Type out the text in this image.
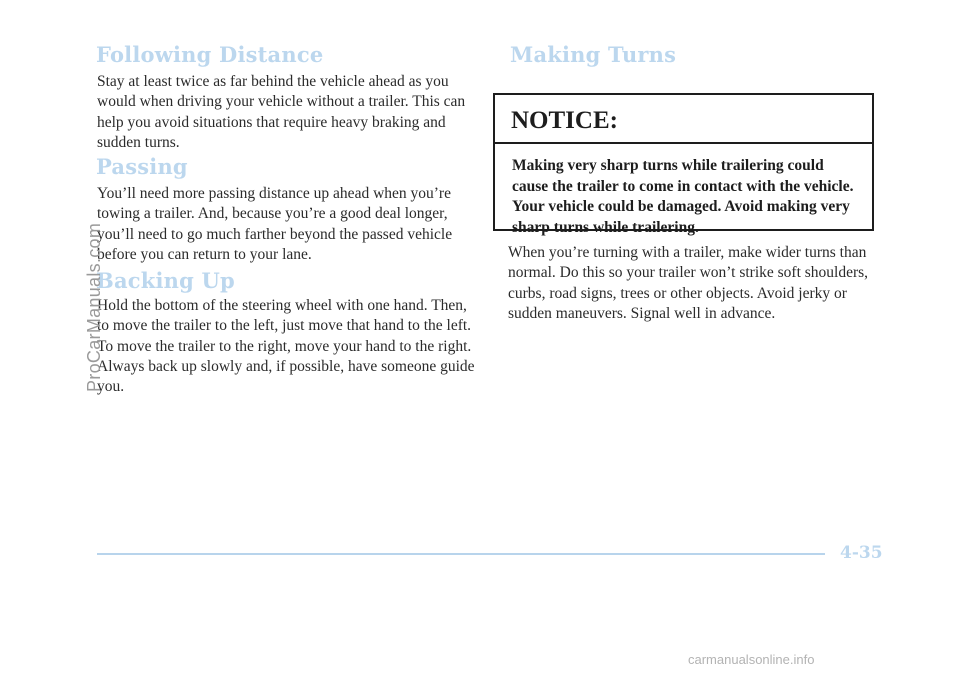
Following Distance

Stay at least twice as far behind the vehicle ahead as you would when driving your vehicle without a trailer. This can help you avoid situations that require heavy braking and sudden turns.

Passing

You’ll need more passing distance up ahead when you’re towing a trailer. And, because you’re a good deal longer, you’ll need to go much farther beyond the passed vehicle before you can return to your lane.

Backing Up

Hold the bottom of the steering wheel with one hand. Then, to move the trailer to the left, just move that hand to the left. To move the trailer to the right, move your hand to the right. Always back up slowly and, if possible, have someone guide you.

Making Turns
NOTICE:

Making very sharp turns while trailering could cause the trailer to come in contact with the vehicle. Your vehicle could be damaged. Avoid making very sharp turns while trailering.

When you’re turning with a trailer, make wider turns than normal. Do this so your trailer won’t strike soft shoulders, curbs, road signs, trees or other objects. Avoid jerky or sudden maneuvers. Signal well in advance.

4-35
ProCarManuals.com
carmanualsonline.info
